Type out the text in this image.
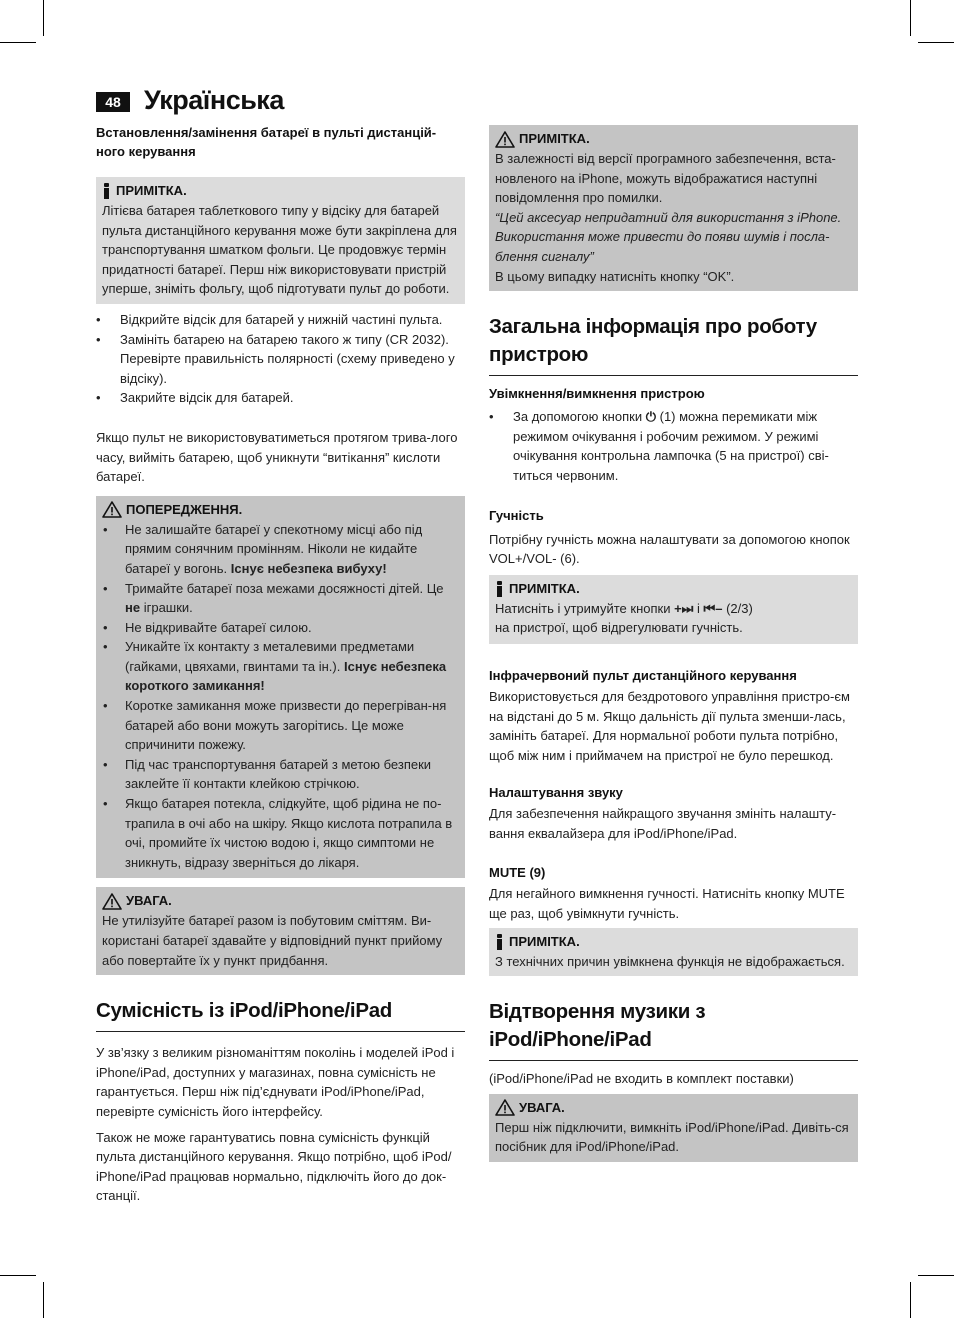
48 Українська

Встановлення/замінення батареї в пульті дистанцій-ного керування

ПРИМІТКА.

Літієва батарея таблеткового типу у відсіку для батарей пульта дистанційного керування може бути закріплена для транспортування шматком фольги. Це продовжує термін придатності батареї. Перш ніж використовувати пристрій уперше, зніміть фольгу, щоб підготувати пульт до роботи.

• Відкрийте відсік для батарей у нижній частині пульта.
• Замініть батарею на батарею такого ж типу (CR 2032). Перевірте правильність полярності (схему приведено у відсіку).
• Закрийте відсік для батарей.

Якщо пульт не використовуватиметься протягом трива-лого часу, вийміть батарею, щоб уникнути “витікання” кислоти батареї.

ПОПЕРЕДЖЕННЯ.
• Не залишайте батареї у спекотному місці або під прямим сонячним промінням. Ніколи не кидайте батареї у вогонь. Існує небезпека вибуху!
• Тримайте батареї поза межами досяжності дітей. Це не іграшки.
• Не відкривайте батареї силою.
• Уникайте їх контакту з металевими предметами (гайками, цвяхами, гвинтами та ін.). Існує небезпека короткого замикання!
• Коротке замикання може призвести до перегріван-ня батарей або вони можуть загорітись. Це може спричинити пожежу.
• Під час транспортування батарей з метою безпеки заклейте її контакти клейкою стрічкою.
• Якщо батарея потекла, слідкуйте, щоб рідина не по-трапила в очі або на шкіру. Якщо кислота потрапила в очі, промийте їх чистою водою і, якщо симптоми не зникнуть, відразу зверніться до лікаря.
УВАГА.

Не утилізуйте батареї разом із побутовим сміттям. Ви-користані батареї здавайте у відповідний пункт прийому або повертайте їх у пункт придбання.

Сумісність із iPod/iPhone/iPad

У зв’язку з великим різноманіттям поколінь і моделей iPod і iPhone/iPad, доступних у магазинах, повна сумісність не гарантується. Перш ніж під’єднувати iPod/iPhone/iPad, перевірте сумісність його інтерфейсу.

Також не може гарантуватись повна сумісність функцій пульта дистанційного керування. Якщо потрібно, щоб iPod/ iPhone/iPad працював нормально, підключіть його до док-станції.

ПРИМІТКА.

В залежності від версії програмного забезпечення, вста-новленого на iPhone, можуть відображатися наступні повідомлення про помилки.

“Цей аксесуар непридатний для використання з iPhone. Використання може привести до появи шумів і посла-блення сигналу”

В цьому випадку натисніть кнопку “OK”.

Загальна інформація про роботу пристрою

Увімкнення/вимкнення пристрою

• За допомогою кнопки ⏻ (1) можна перемикати між режимом очікування і робочим режимом. У режимі очікування контрольна лампочка (5 на пристрої) сві-титься червоним.

Гучність

Потрібну гучність можна налаштувати за допомогою кнопок VOL+/VOL- (6).

ПРИМІТКА.

Натисніть і утримуйте кнопки +⏭ і ⏮– (2/3)

на пристрої, щоб відрегулювати гучність.

Інфрачервоний пульт дистанційного керування

Використовується для бездротового управління пристро-єм на відстані до 5 м. Якщо дальність дії пульта зменши-лась, замініть батареї. Для нормальної роботи пульта потрібно, щоб між ним і приймачем на пристрої не було перешкод.

Налаштування звуку

Для забезпечення найкращого звучання змініть налашту-вання еквалайзера для iPod/iPhone/iPad.

MUTE (9)

Для негайного вимкнення гучності. Натисніть кнопку MUTE ще раз, щоб увімкнути гучність.

ПРИМІТКА.

З технічних причин увімкнена функція не відображається.

Відтворення музики з iPod/iPhone/iPad

(iPod/iPhone/iPad не входить в комплект поставки)

УВАГА.

Перш ніж підключити, вимкніть iPod/iPhone/iPad. Дивіть-ся посібник для iPod/iPhone/iPad.
